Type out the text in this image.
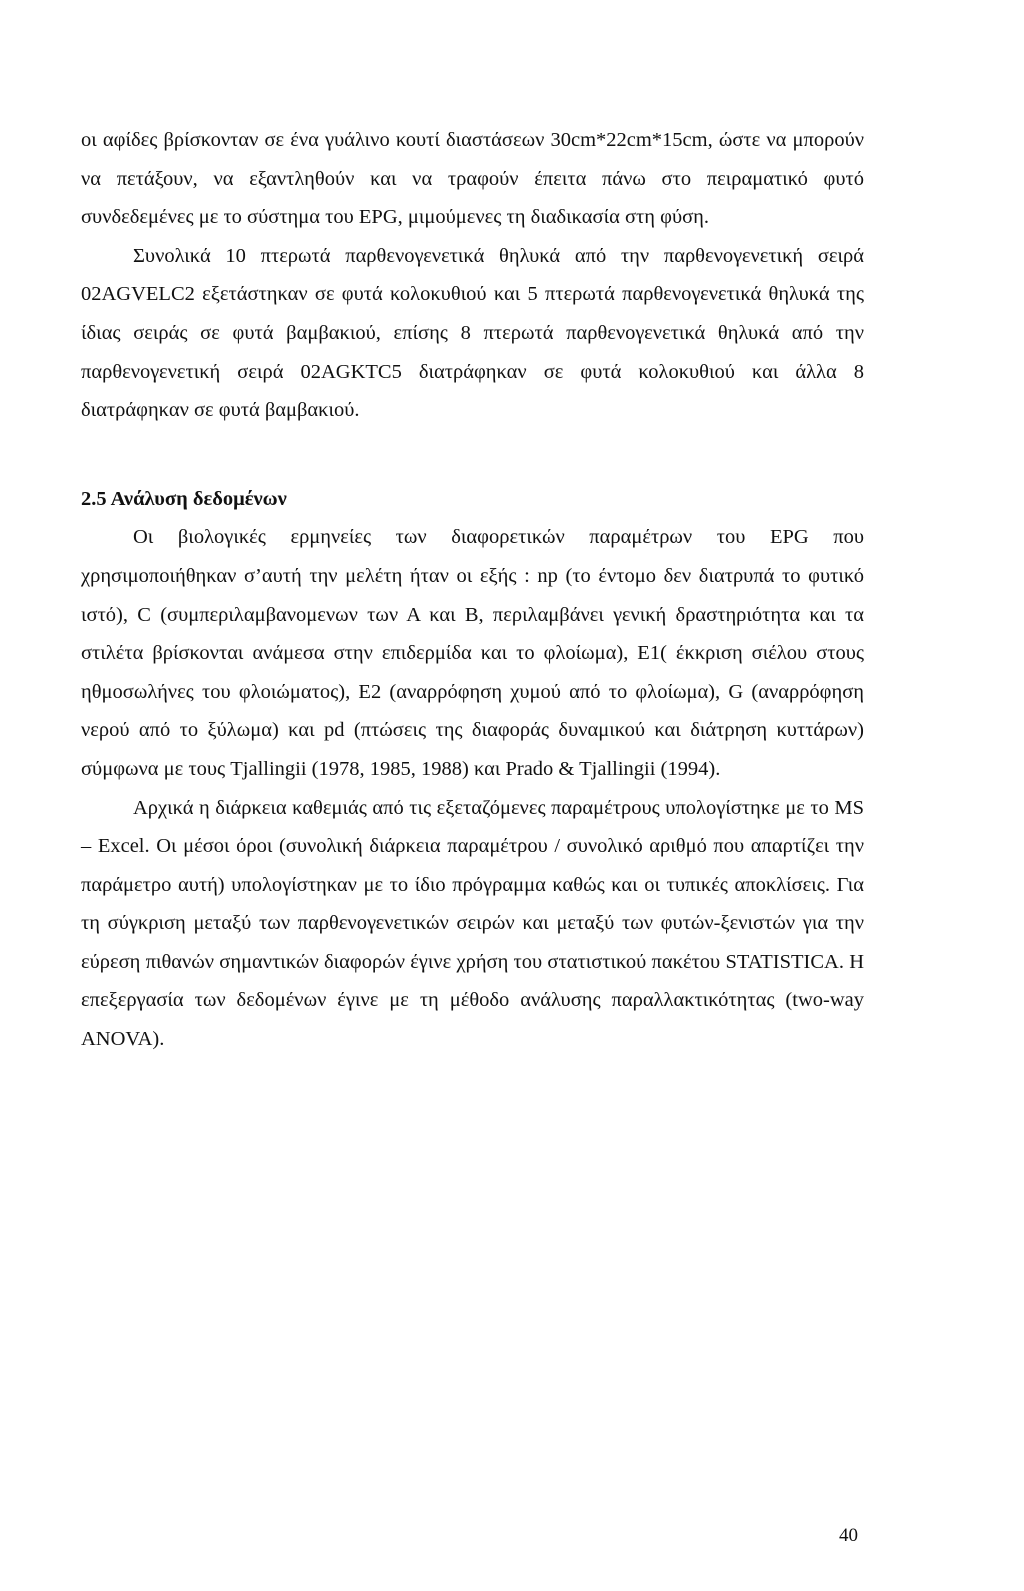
οι αφίδες βρίσκονταν σε ένα γυάλινο κουτί διαστάσεων 30cm*22cm*15cm, ώστε να μπορούν να πετάξουν, να εξαντληθούν και να τραφούν έπειτα πάνω στο πειραματικό φυτό συνδεδεμένες με το σύστημα του EPG, μιμούμενες τη διαδικασία στη φύση.

Συνολικά 10 πτερωτά παρθενογενετικά θηλυκά από την παρθενογενετική σειρά 02AGVELC2 εξετάστηκαν σε φυτά κολοκυθιού και 5 πτερωτά παρθενογενετικά θηλυκά της ίδιας σειράς σε φυτά βαμβακιού, επίσης 8 πτερωτά παρθενογενετικά θηλυκά από την παρθενογενετική σειρά 02AGKTC5 διατράφηκαν σε φυτά κολοκυθιού και άλλα 8 διατράφηκαν σε φυτά βαμβακιού.

2.5 Ανάλυση δεδομένων

Οι βιολογικές ερμηνείες των διαφορετικών παραμέτρων του EPG που χρησιμοποιήθηκαν σ’αυτή την μελέτη ήταν οι εξής : np (το έντομο δεν διατρυπά το φυτικό ιστό), C (συμπεριλαμβανομενων των Α και Β, περιλαμβάνει γενική δραστηριότητα και τα στιλέτα βρίσκονται ανάμεσα στην επιδερμίδα και το φλοίωμα), Ε1( έκκριση σιέλου στους ηθμοσωλήνες του φλοιώματος), Ε2 (αναρρόφηση χυμού από το φλοίωμα), G (αναρρόφηση νερού από το ξύλωμα) και pd (πτώσεις της διαφοράς δυναμικού και διάτρηση κυττάρων) σύμφωνα με τους Tjallingii (1978, 1985, 1988) και Prado & Tjallingii (1994).

Αρχικά η διάρκεια καθεμιάς από τις εξεταζόμενες παραμέτρους υπολογίστηκε με το MS – Excel. Οι μέσοι όροι (συνολική διάρκεια παραμέτρου / συνολικό αριθμό που απαρτίζει την παράμετρο αυτή) υπολογίστηκαν με το ίδιο πρόγραμμα καθώς και οι τυπικές αποκλίσεις. Για τη σύγκριση μεταξύ των παρθενογενετικών σειρών και μεταξύ των φυτών-ξενιστών για την εύρεση πιθανών σημαντικών διαφορών έγινε χρήση του στατιστικού πακέτου STATISTICA. Η επεξεργασία των δεδομένων έγινε με τη μέθοδο ανάλυσης παραλλακτικότητας (two-way ANOVA).

40
